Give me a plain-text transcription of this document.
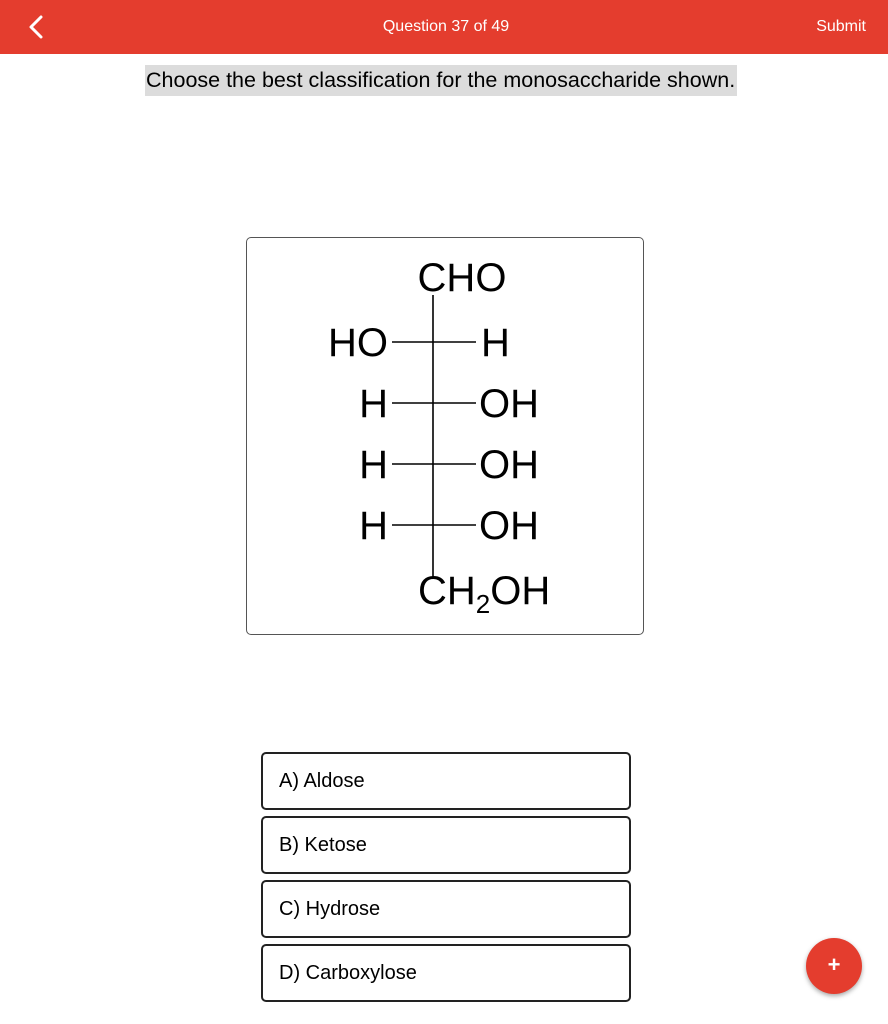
Question 37 of 49	Submit
Choose the best classification for the monosaccharide shown.
CHO
HO H
H OH
H OH
H OH
$CH_2OH$
A) Aldose
B) Ketose
C) Hydrose
D) Carboxylose	+
